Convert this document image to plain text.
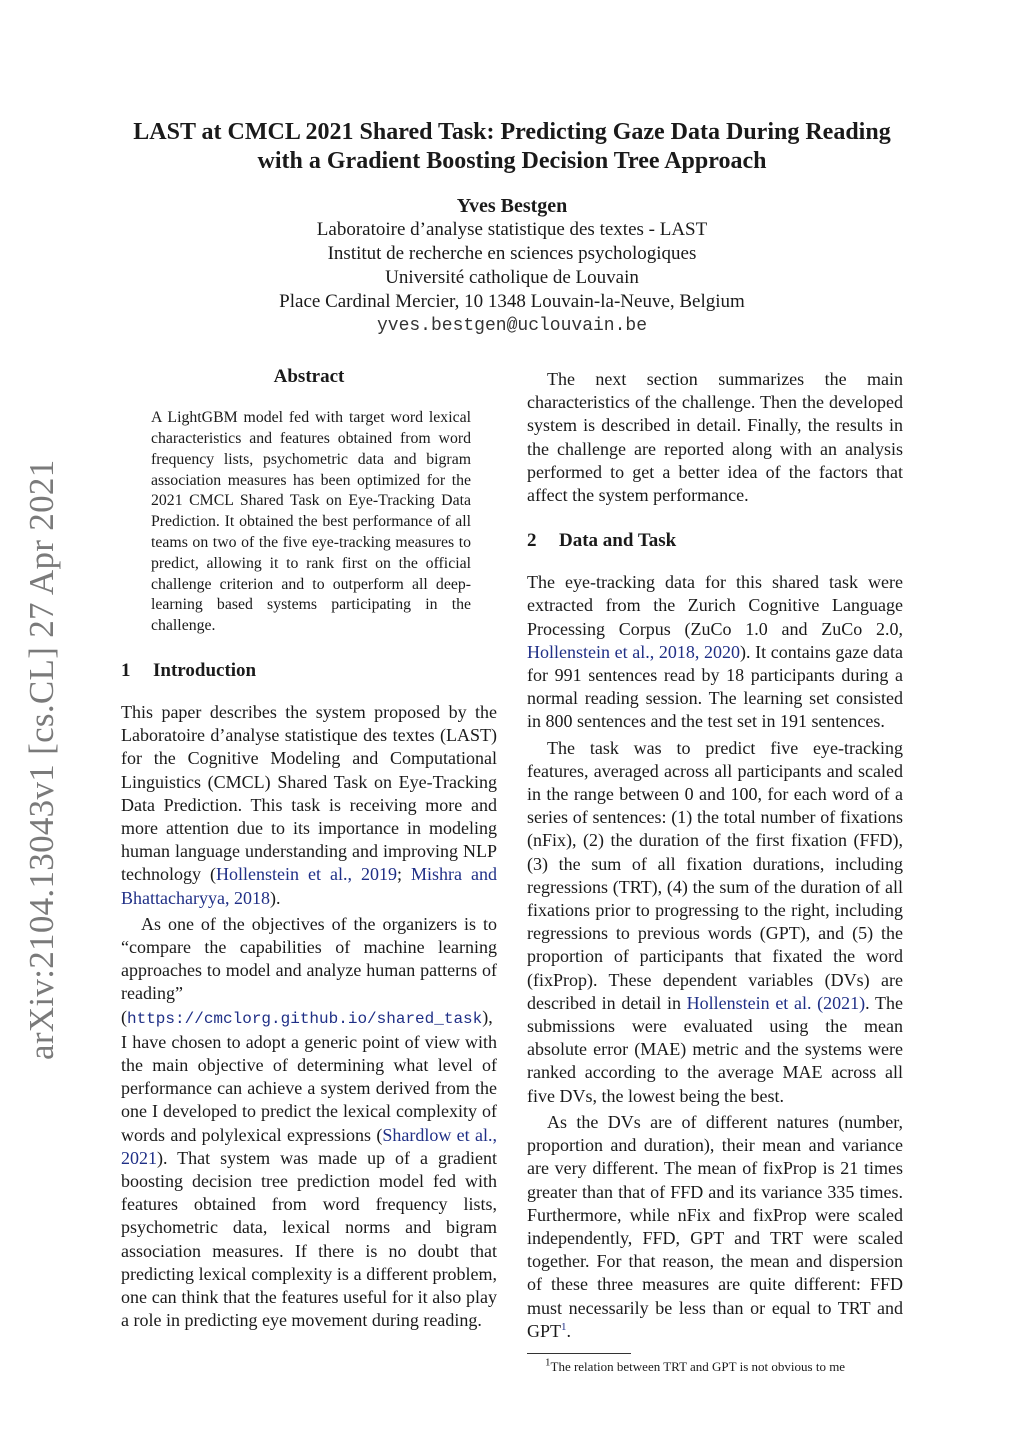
arXiv:2104.13043v1 [cs.CL] 27 Apr 2021
LAST at CMCL 2021 Shared Task: Predicting Gaze Data During Reading
with a Gradient Boosting Decision Tree Approach
Yves Bestgen
Laboratoire d’analyse statistique des textes - LAST
Institut de recherche en sciences psychologiques
Université catholique de Louvain
Place Cardinal Mercier, 10 1348 Louvain-la-Neuve, Belgium
yves.bestgen@uclouvain.be
Abstract
A LightGBM model fed with target word lexical characteristics and features obtained from word frequency lists, psychometric data and bigram association measures has been optimized for the 2021 CMCL Shared Task on Eye-Tracking Data Prediction. It obtained the best performance of all teams on two of the five eye-tracking measures to predict, allowing it to rank first on the official challenge criterion and to outperform all deep-learning based systems participating in the challenge.
1 Introduction

This paper describes the system proposed by the Laboratoire d’analyse statistique des textes (LAST) for the Cognitive Modeling and Computational Linguistics (CMCL) Shared Task on Eye-Tracking Data Prediction. This task is receiving more and more attention due to its importance in modeling human language understanding and improving NLP technology (Hollenstein et al., 2019; Mishra and Bhattacharyya, 2018).

As one of the objectives of the organizers is to “compare the capabilities of machine learning approaches to model and analyze human patterns of reading” (https://cmclorg.github.io/shared_task), I have chosen to adopt a generic point of view with the main objective of determining what level of performance can achieve a system derived from the one I developed to predict the lexical complexity of words and polylexical expressions (Shardlow et al., 2021). That system was made up of a gradient boosting decision tree prediction model fed with features obtained from word frequency lists, psychometric data, lexical norms and bigram association measures. If there is no doubt that predicting lexical complexity is a different problem, one can think that the features useful for it also play a role in predicting eye movement during reading.

The next section summarizes the main characteristics of the challenge. Then the developed system is described in detail. Finally, the results in the challenge are reported along with an analysis performed to get a better idea of the factors that affect the system performance.

2 Data and Task

The eye-tracking data for this shared task were extracted from the Zurich Cognitive Language Processing Corpus (ZuCo 1.0 and ZuCo 2.0, Hollenstein et al., 2018, 2020). It contains gaze data for 991 sentences read by 18 participants during a normal reading session. The learning set consisted in 800 sentences and the test set in 191 sentences.

The task was to predict five eye-tracking features, averaged across all participants and scaled in the range between 0 and 100, for each word of a series of sentences: (1) the total number of fixations (nFix), (2) the duration of the first fixation (FFD), (3) the sum of all fixation durations, including regressions (TRT), (4) the sum of the duration of all fixations prior to progressing to the right, including regressions to previous words (GPT), and (5) the proportion of participants that fixated the word (fixProp). These dependent variables (DVs) are described in detail in Hollenstein et al. (2021). The submissions were evaluated using the mean absolute error (MAE) metric and the systems were ranked according to the average MAE across all five DVs, the lowest being the best.

As the DVs are of different natures (number, proportion and duration), their mean and variance are very different. The mean of fixProp is 21 times greater than that of FFD and its variance 335 times. Furthermore, while nFix and fixProp were scaled independently, FFD, GPT and TRT were scaled together. For that reason, the mean and dispersion of these three measures are quite different: FFD must necessarily be less than or equal to TRT and GPT$^1$.

$^1$The relation between TRT and GPT is not obvious to me
